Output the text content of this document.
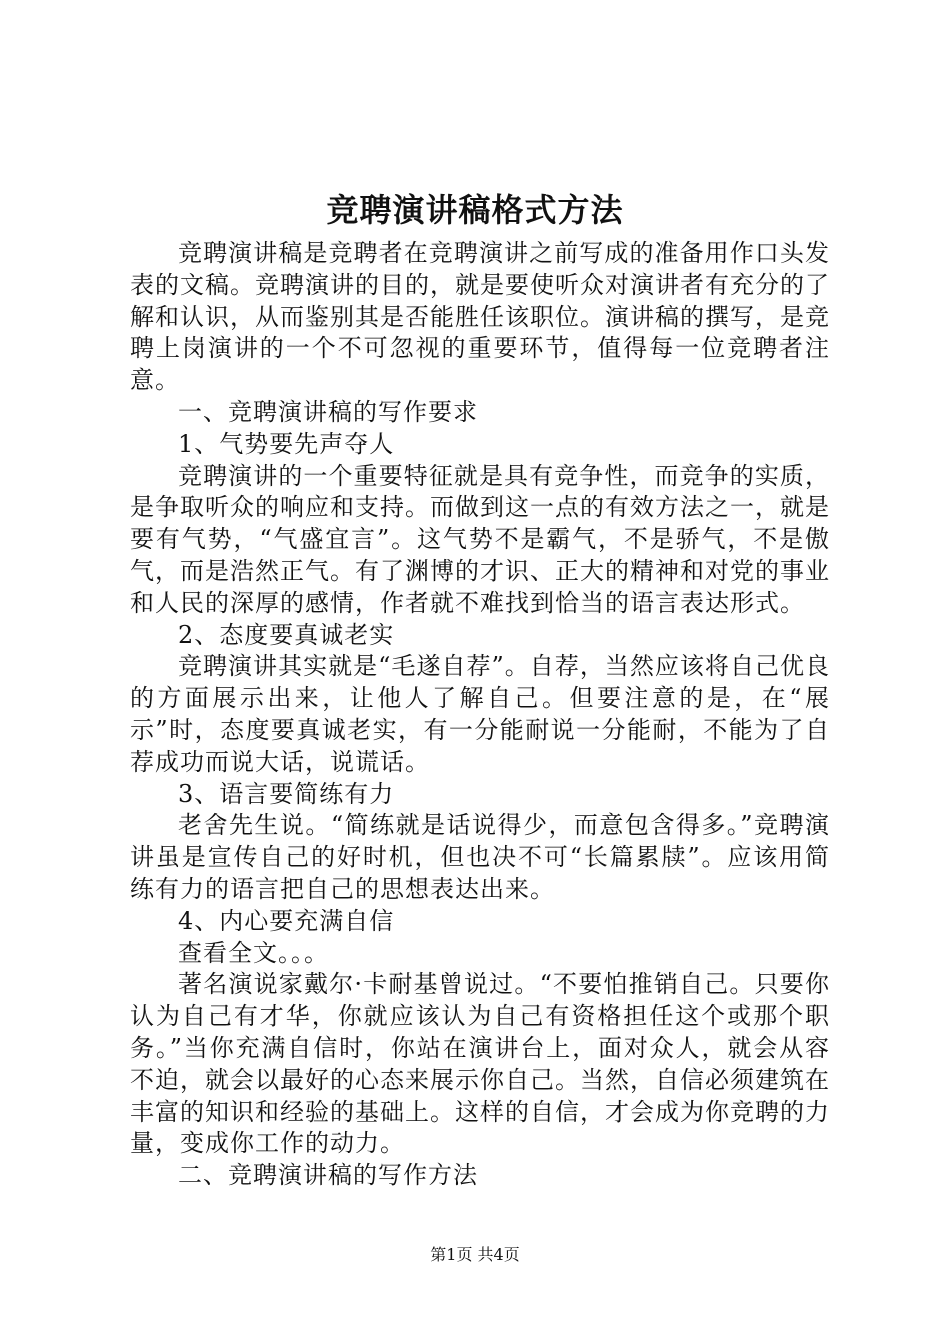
竞聘演讲稿格式方法

竞聘演讲稿是竞聘者在竞聘演讲之前写成的准备用作口头发表的文稿。竞聘演讲的目的，就是要使听众对演讲者有充分的了解和认识，从而鉴别其是否能胜任该职位。演讲稿的撰写，是竞聘上岗演讲的一个不可忽视的重要环节，值得每一位竞聘者注意。

一、竞聘演讲稿的写作要求

1、气势要先声夺人

竞聘演讲的一个重要特征就是具有竞争性，而竞争的实质，是争取听众的响应和支持。而做到这一点的有效方法之一，就是要有气势，“气盛宜言”。这气势不是霸气，不是骄气，不是傲气，而是浩然正气。有了渊博的才识、正大的精神和对党的事业和人民的深厚的感情，作者就不难找到恰当的语言表达形式。

2、态度要真诚老实

竞聘演讲其实就是“毛遂自荐”。自荐，当然应该将自己优良的方面展示出来，让他人了解自己。但要注意的是，在“展示”时，态度要真诚老实，有一分能耐说一分能耐，不能为了自荐成功而说大话，说谎话。

3、语言要简练有力

老舍先生说。“简练就是话说得少，而意包含得多。”竞聘演讲虽是宣传自己的好时机，但也决不可“长篇累牍”。应该用简练有力的语言把自己的思想表达出来。

4、内心要充满自信

查看全文。。。

著名演说家戴尔·卡耐基曾说过。“不要怕推销自己。只要你认为自己有才华，你就应该认为自己有资格担任这个或那个职务。”当你充满自信时，你站在演讲台上，面对众人，就会从容不迫，就会以最好的心态来展示你自己。当然，自信必须建筑在丰富的知识和经验的基础上。这样的自信，才会成为你竞聘的力量，变成你工作的动力。

二、竞聘演讲稿的写作方法

第1页 共4页
